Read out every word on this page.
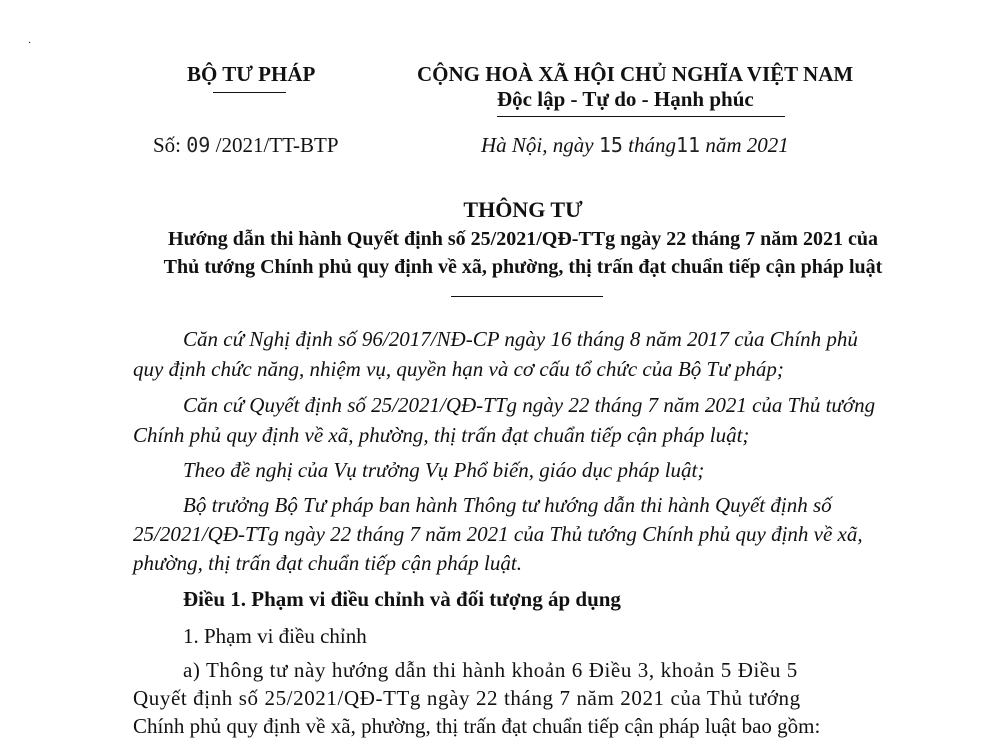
·
BỘ TƯ PHÁP	CỘNG HOÀ XÃ HỘI CHỦ NGHĨA VIỆT NAM
Độc lập - Tự do - Hạnh phúc
Số: 09 /2021/TT-BTP	Hà Nội, ngày 15 tháng11 năm 2021
THÔNG TƯ
Hướng dẫn thi hành Quyết định số 25/2021/QĐ-TTg ngày 22 tháng 7 năm 2021 của
Thủ tướng Chính phủ quy định về xã, phường, thị trấn đạt chuẩn tiếp cận pháp luật
Căn cứ Nghị định số 96/2017/NĐ-CP ngày 16 tháng 8 năm 2017 của Chính phủ
quy định chức năng, nhiệm vụ, quyền hạn và cơ cấu tổ chức của Bộ Tư pháp;
Căn cứ Quyết định số 25/2021/QĐ-TTg ngày 22 tháng 7 năm 2021 của Thủ tướng
Chính phủ quy định về xã, phường, thị trấn đạt chuẩn tiếp cận pháp luật;
Theo đề nghị của Vụ trưởng Vụ Phổ biến, giáo dục pháp luật;
Bộ trưởng Bộ Tư pháp ban hành Thông tư hướng dẫn thi hành Quyết định số
25/2021/QĐ-TTg ngày 22 tháng 7 năm 2021 của Thủ tướng Chính phủ quy định về xã,
phường, thị trấn đạt chuẩn tiếp cận pháp luật.
Điều 1. Phạm vi điều chỉnh và đối tượng áp dụng
1. Phạm vi điều chỉnh
a) Thông tư này hướng dẫn thi hành khoản 6 Điều 3, khoản 5 Điều 5
Quyết định số 25/2021/QĐ-TTg ngày 22 tháng 7 năm 2021 của Thủ tướng
Chính phủ quy định về xã, phường, thị trấn đạt chuẩn tiếp cận pháp luật bao gồm:
